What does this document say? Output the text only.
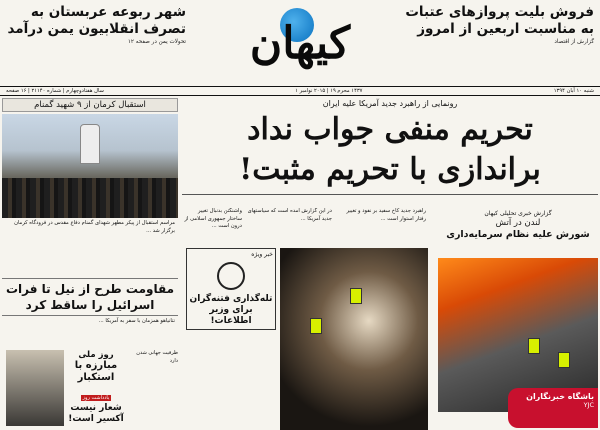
فروش بلیت پروازهای عتبات به مناسبت اربعین از امروز
گزارش از اقتصاد
کیهان
شهر ربوعه عربستان به تصرف انقلابیون یمن درآمد
تحولات یمن در صفحه ۱۲
شنبه ۱۰ آبان ۱۳۹۴
۱۴۳۷ محرم ۱۹ | ۲۰۱۵ نوامبر ۱
سال هفتادوچهارم | شماره ۲۱۱۴۰ | ۱۶ صفحه
استقبال کرمان از ۹ شهید گمنام
مراسم استقبال از پیکر مطهر شهدای گمنام دفاع مقدس در فرودگاه کرمان برگزار شد ...
مقاومت طرح از نیل تا فرات اسرائیل را ساقط کرد
نتانیاهو همزمان با سفر به آمریکا ...
روز ملی
مبارزه با استکبار
یادداشت روز
شعار نیست
آکسیر است!
ظرفیت جهانی شدن دارد
رونمایی از راهبرد جدید آمریکا علیه ایران
تحریم منفی جواب نداد
براندازی با تحریم مثبت!
واشنگتن بدنبال تغییر ساختار جمهوری اسلامی از درون است ...
در این گزارش آمده است که سیاستهای جدید آمریکا ...
راهبرد جدید کاخ سفید بر نفوذ و تغییر رفتار استوار است ...
گزارش خبری تحلیلی کیهان
لندن در آتش
شورش علیه نظام سرمایه‌داری
خبر ویژه
تله‌گذاری فتنه‌گران برای وزیر اطلاعات!
باشگاه خبرنگاران
YJC
